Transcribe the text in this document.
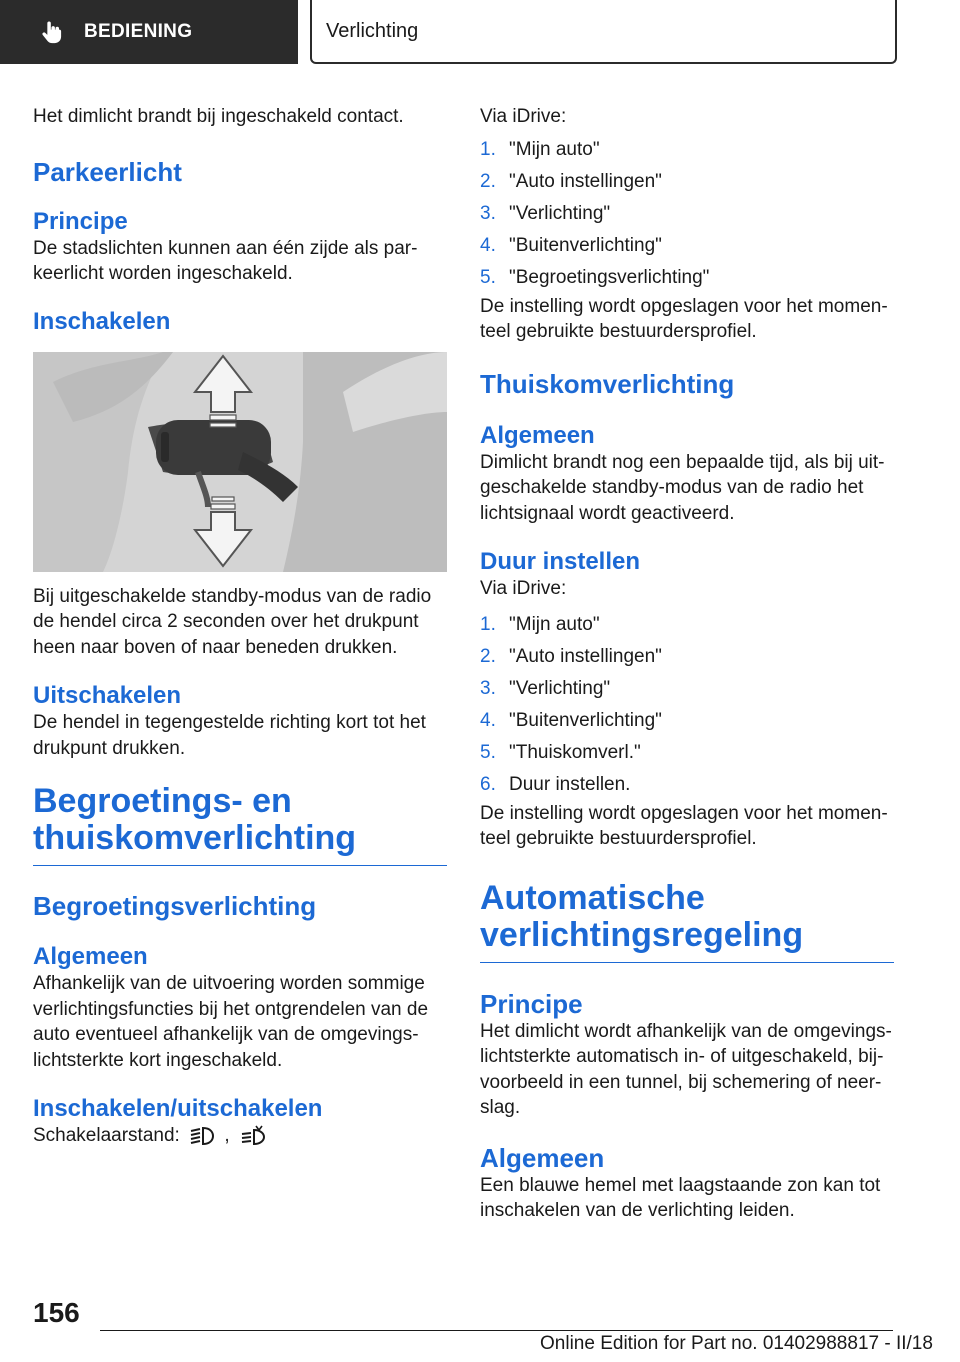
BEDIENING	Verlichting

Het dimlicht brandt bij ingeschakeld contact.

Parkeerlicht
Principe

De stadslichten kunnen aan één zijde als par‐

keerlicht worden ingeschakeld.

Inschakelen

Bij uitgeschakelde standby-modus van de radio

de hendel circa 2 seconden over het drukpunt

heen naar boven of naar beneden drukken.

Uitschakelen

De hendel in tegengestelde richting kort tot het

drukpunt drukken.

Begroetings- en
thuiskomverlichting
Begroetingsverlichting
Algemeen

Afhankelijk van de uitvoering worden sommige

verlichtingsfuncties bij het ontgrendelen van de

auto eventueel afhankelijk van de omgevings‐

lichtsterkte kort ingeschakeld.

Inschakelen/uitschakelen

Schakelaarstand: ,

Via iDrive:

1. "Mijn auto"
2. "Auto instellingen"
3. "Verlichting"
4. "Buitenverlichting"
5. "Begroetingsverlichting"

De instelling wordt opgeslagen voor het momen‐

teel gebruikte bestuurdersprofiel.

Thuiskomverlichting
Algemeen

Dimlicht brandt nog een bepaalde tijd, als bij uit‐

geschakelde standby-modus van de radio het

lichtsignaal wordt geactiveerd.

Duur instellen

Via iDrive:

1. "Mijn auto"
2. "Auto instellingen"
3. "Verlichting"
4. "Buitenverlichting"
5. "Thuiskomverl."
6. Duur instellen.

De instelling wordt opgeslagen voor het momen‐

teel gebruikte bestuurdersprofiel.

Automatische
verlichtingsregeling
Principe

Het dimlicht wordt afhankelijk van de omgevings‐

lichtsterkte automatisch in- of uitgeschakeld, bij‐

voorbeeld in een tunnel, bij schemering of neer‐

slag.

Algemeen

Een blauwe hemel met laagstaande zon kan tot

inschakelen van de verlichting leiden.

156
Online Edition for Part no. 01402988817 - II/18
